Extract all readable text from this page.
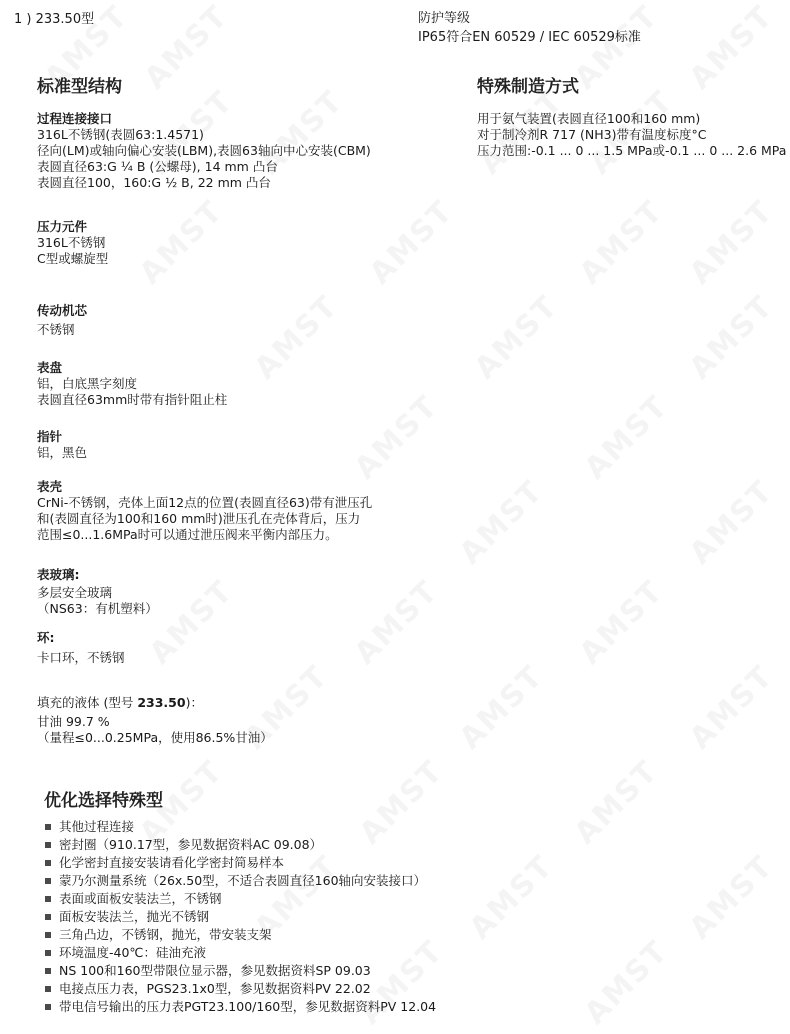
1 ) 233.50型	防护等级
IP65符合EN 60529 / IEC 60529标准
标准型结构
过程连接接口
316L不锈钢(表圆63:1.4571)
径向(LM)或轴向偏心安装(LBM),表圆63轴向中心安装(CBM)
表圆直径63:G ¼ B (公螺母), 14 mm 凸台
表圆直径100，160:G ½ B, 22 mm 凸台
压力元件
316L不锈钢
C型或螺旋型
传动机芯
不锈钢
表盘
铝，白底黑字刻度
表圆直径63mm时带有指针阻止柱
指针
铝，黑色
表壳
CrNi-不锈钢，壳体上面12点的位置(表圆直径63)带有泄压孔
和(表圆直径为100和160 mm时)泄压孔在壳体背后，压力
范围≤0...1.6MPa时可以通过泄压阀来平衡内部压力。
表玻璃:
多层安全玻璃
（NS63：有机塑料）
环:
卡口环，不锈钢
填充的液体 (型号 233.50)：
甘油 99.7 %
（量程≤0...0.25MPa，使用86.5%甘油）
特殊制造方式
用于氨气装置(表圆直径100和160 mm)
对于制冷剂R 717 (NH3)带有温度标度°C
压力范围:-0.1 ... 0 ... 1.5 MPa或-0.1 ... 0 ... 2.6 MPa
优化选择特殊型
其他过程连接
密封圈（910.17型，参见数据资料AC 09.08）
化学密封直接安装请看化学密封简易样本
蒙乃尔测量系统（26x.50型，不适合表圆直径160轴向安装接口）
表面或面板安装法兰，不锈钢
面板安装法兰，抛光不锈钢
三角凸边，不锈钢，抛光，带安装支架
环境温度-40℃：硅油充液
NS 100和160型带限位显示器，参见数据资料SP 09.03
电接点压力表，PGS23.1x0型，参见数据资料PV 22.02
带电信号输出的压力表PGT23.100/160型，参见数据资料PV 12.04
